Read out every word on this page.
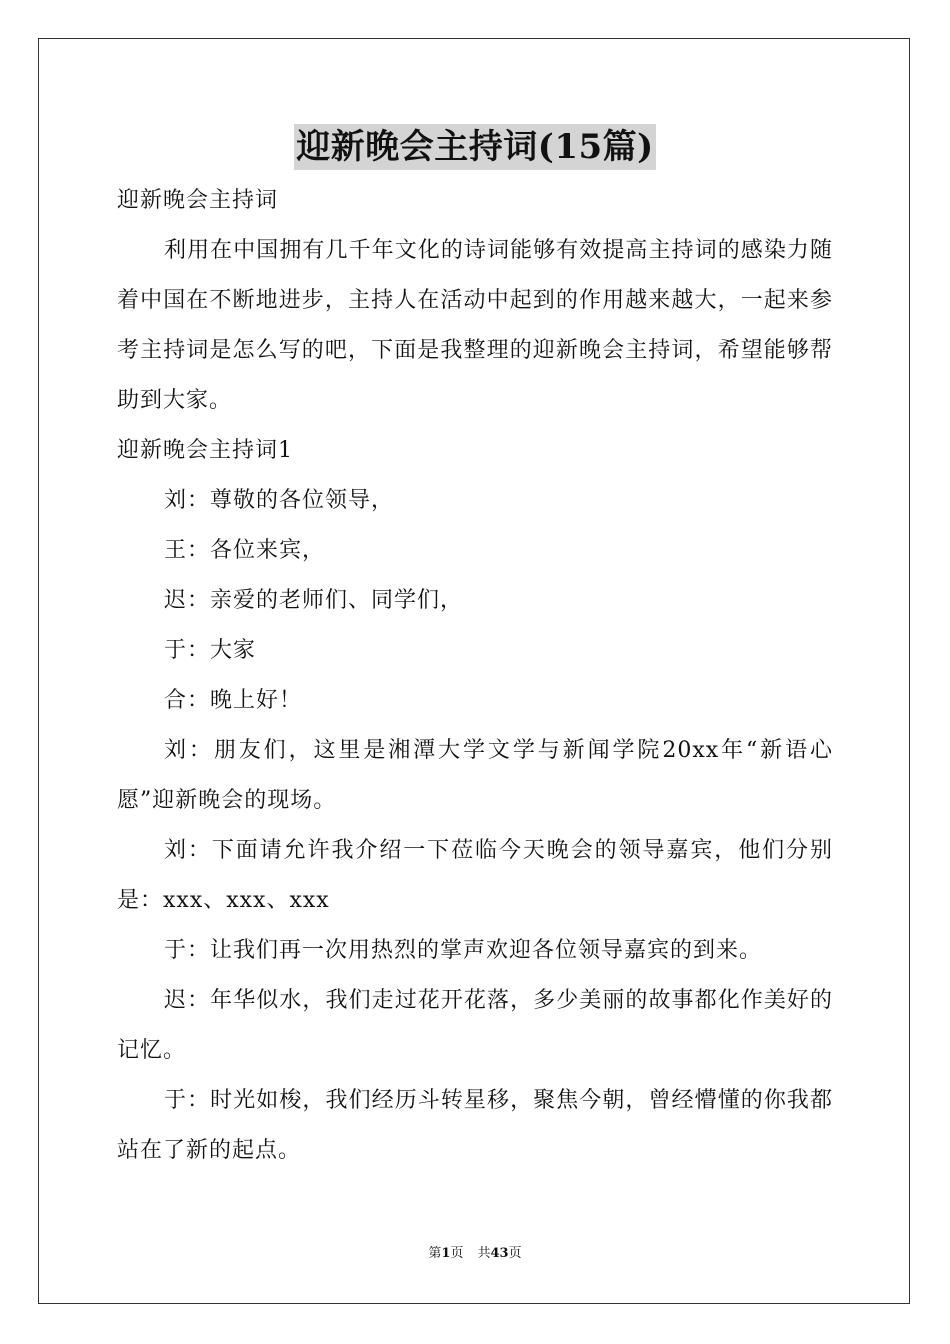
迎新晚会主持词(15篇)

迎新晚会主持词

利用在中国拥有几千年文化的诗词能够有效提高主持词的感染力随着中国在不断地进步，主持人在活动中起到的作用越来越大，一起来参考主持词是怎么写的吧，下面是我整理的迎新晚会主持词，希望能够帮助到大家。

迎新晚会主持词1

刘：尊敬的各位领导，

王：各位来宾，

迟：亲爱的老师们、同学们，

于：大家

合：晚上好！

刘：朋友们，这里是湘潭大学文学与新闻学院20xx年“新语心愿”迎新晚会的现场。

刘：下面请允许我介绍一下莅临今天晚会的领导嘉宾，他们分别是：xxx、xxx、xxx

于：让我们再一次用热烈的掌声欢迎各位领导嘉宾的到来。

迟：年华似水，我们走过花开花落，多少美丽的故事都化作美好的记忆。

于：时光如梭，我们经历斗转星移，聚焦今朝，曾经懵懂的你我都站在了新的起点。

第1页 共43页
